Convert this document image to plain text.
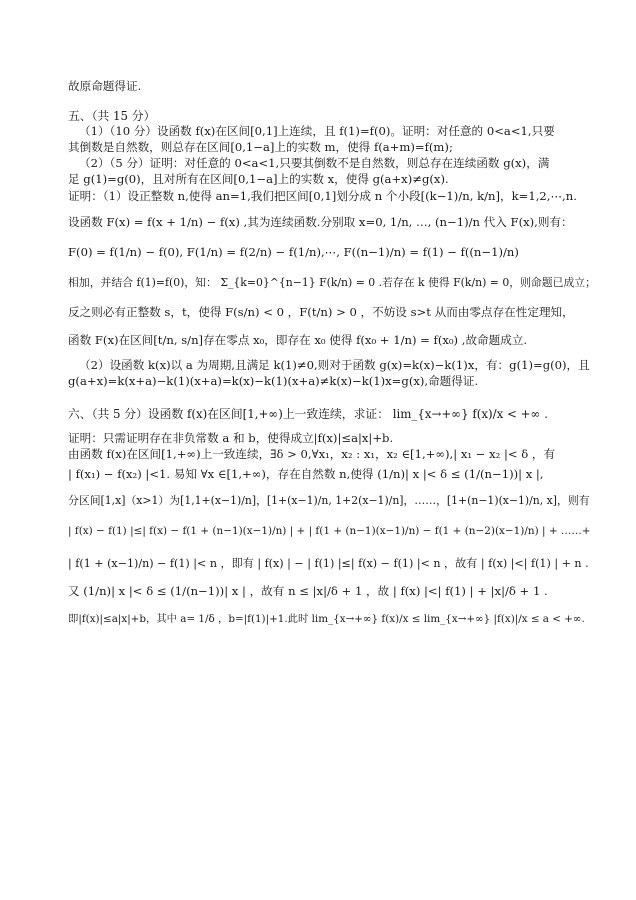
故原命题得证.
五、（共 15 分）
（1）（10 分）设函数 f(x)在区间[0,1]上连续，且 f(1)=f(0)。证明：对任意的 0<a<1,只要
其倒数是自然数，则总存在区间[0,1−a]上的实数 m，使得 f(a+m)=f(m);
（2）（5 分）证明：对任意的 0<a<1,只要其倒数不是自然数，则总存在连续函数 g(x)，满
足 g(1)=g(0)，且对所有在区间[0,1−a]上的实数 x，使得 g(a+x)≠g(x).
证明：（1）设正整数 n,使得 an=1,我们把区间[0,1]划分成 n 个小段[(k−1)/n, k/n]，k=1,2,⋯,n.
设函数 F(x) = f(x + 1/n) − f(x) ,其为连续函数.分别取 x=0, 1/n, …, (n−1)/n 代入 F(x),则有：
F(0) = f(1/n) − f(0), F(1/n) = f(2/n) − f(1/n),⋯, F((n−1)/n) = f(1) − f((n−1)/n)
相加，并结合 f(1)=f(0)，知： Σ_{k=0}^{n−1} F(k/n) = 0 .若存在 k 使得 F(k/n) = 0，则命题已成立；
反之则必有正整数 s，t，使得 F(s/n) < 0 ，F(t/n) > 0 ，不妨设 s>t 从而由零点存在性定理知，
函数 F(x)在区间[t/n, s/n]存在零点 x₀，即存在 x₀ 使得 f(x₀ + 1/n) = f(x₀) ,故命题成立.
（2）设函数 k(x)以 a 为周期,且满足 k(1)≠0,则对于函数 g(x)=k(x)−k(1)x，有：g(1)=g(0)，且
g(a+x)=k(x+a)−k(1)(x+a)=k(x)−k(1)(x+a)≠k(x)−k(1)x=g(x),命题得证.
六、（共 5 分）设函数 f(x)在区间[1,+∞)上一致连续，求证： lim_{x→+∞} f(x)/x < +∞ .
证明：只需证明存在非负常数 a 和 b，使得成立|f(x)|≤a|x|+b.
由函数 f(x)在区间[1,+∞)上一致连续，∃δ > 0,∀x₁，x₂ : x₁，x₂ ∈[1,+∞),| x₁ − x₂ |< δ ，有
| f(x₁) − f(x₂) |<1. 易知 ∀x ∈[1,+∞)，存在自然数 n,使得 (1/n)| x |< δ ≤ (1/(n−1))| x |,
分区间[1,x]（x>1）为[1,1+(x−1)/n]，[1+(x−1)/n, 1+2(x−1)/n]，……，[1+(n−1)(x−1)/n, x]，则有
| f(x) − f(1) |≤| f(x) − f(1 + (n−1)(x−1)/n) | + | f(1 + (n−1)(x−1)/n) − f(1 + (n−2)(x−1)/n) | + ……+
| f(1 + (x−1)/n) − f(1) |< n ，即有 | f(x) | − | f(1) |≤| f(x) − f(1) |< n ，故有 | f(x) |<| f(1) | + n .
又 (1/n)| x |< δ ≤ (1/(n−1))| x | ，故有 n ≤ |x|/δ + 1 ，故 | f(x) |<| f(1) | + |x|/δ + 1 .
即|f(x)|≤a|x|+b，其中 a= 1/δ ，b=|f(1)|+1.此时 lim_{x→+∞} f(x)/x ≤ lim_{x→+∞} |f(x)|/x ≤ a < +∞.
